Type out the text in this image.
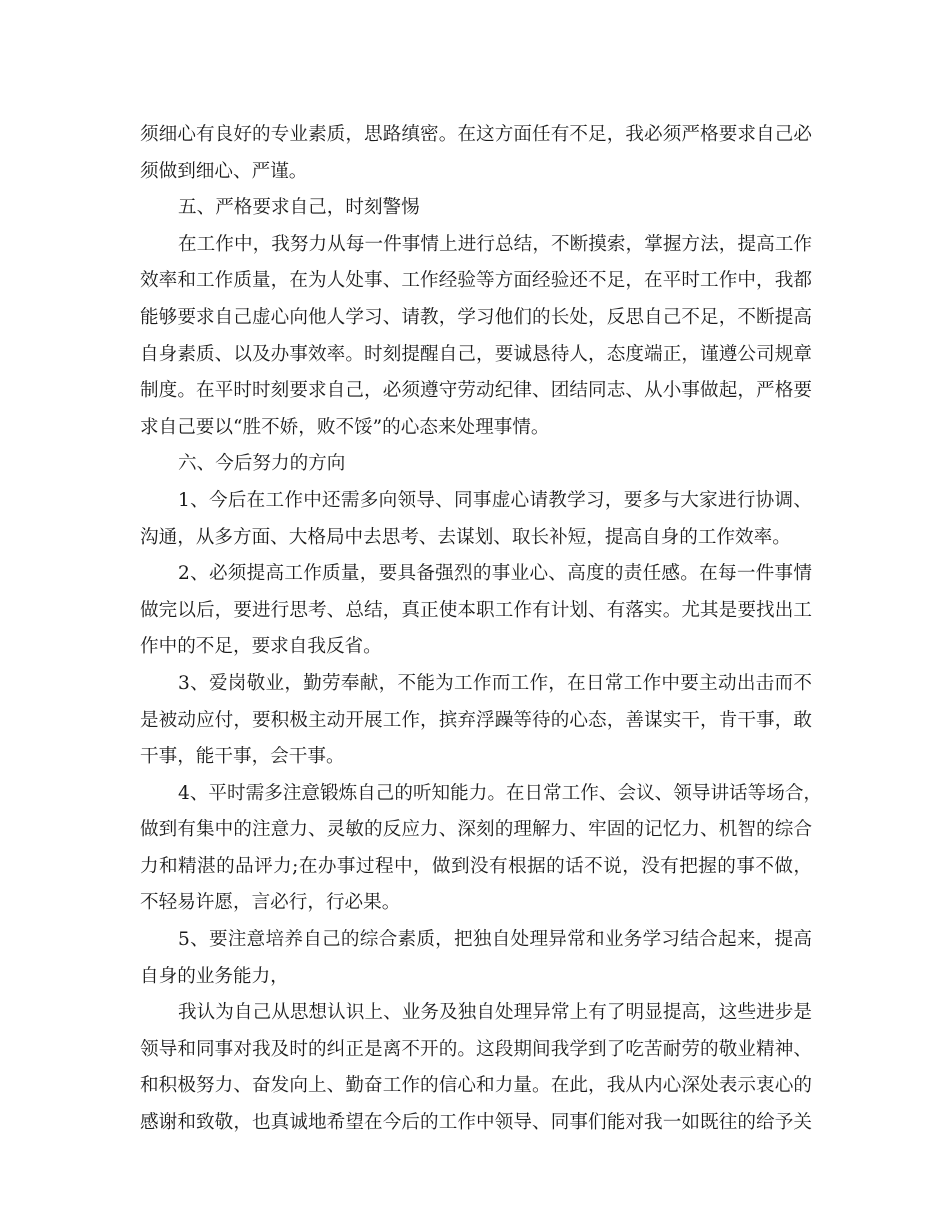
须细心有良好的专业素质，思路缜密。在这方面任有不足，我必须严格要求自己必
须做到细心、严谨。
五、严格要求自己，时刻警惕
在工作中，我努力从每一件事情上进行总结，不断摸索，掌握方法，提高工作
效率和工作质量，在为人处事、工作经验等方面经验还不足，在平时工作中，我都
能够要求自己虚心向他人学习、请教，学习他们的长处，反思自己不足，不断提高
自身素质、以及办事效率。时刻提醒自己，要诚恳待人，态度端正，谨遵公司规章
制度。在平时时刻要求自己，必须遵守劳动纪律、团结同志、从小事做起，严格要
求自己要以“胜不娇，败不馁”的心态来处理事情。
六、今后努力的方向
1、今后在工作中还需多向领导、同事虚心请教学习，要多与大家进行协调、
沟通，从多方面、大格局中去思考、去谋划、取长补短，提高自身的工作效率。
2、必须提高工作质量，要具备强烈的事业心、高度的责任感。在每一件事情
做完以后，要进行思考、总结，真正使本职工作有计划、有落实。尤其是要找出工
作中的不足，要求自我反省。
3、爱岗敬业，勤劳奉献，不能为工作而工作，在日常工作中要主动出击而不
是被动应付，要积极主动开展工作，摈弃浮躁等待的心态，善谋实干，肯干事，敢
干事，能干事，会干事。
4、平时需多注意锻炼自己的听知能力。在日常工作、会议、领导讲话等场合，
做到有集中的注意力、灵敏的反应力、深刻的理解力、牢固的记忆力、机智的综合
力和精湛的品评力;在办事过程中，做到没有根据的话不说，没有把握的事不做，
不轻易许愿，言必行，行必果。
5、要注意培养自己的综合素质，把独自处理异常和业务学习结合起来，提高
自身的业务能力，
我认为自己从思想认识上、业务及独自处理异常上有了明显提高，这些进步是
领导和同事对我及时的纠正是离不开的。这段期间我学到了吃苦耐劳的敬业精神、
和积极努力、奋发向上、勤奋工作的信心和力量。在此，我从内心深处表示衷心的
感谢和致敬，也真诚地希望在今后的工作中领导、同事们能对我一如既往的给予关
